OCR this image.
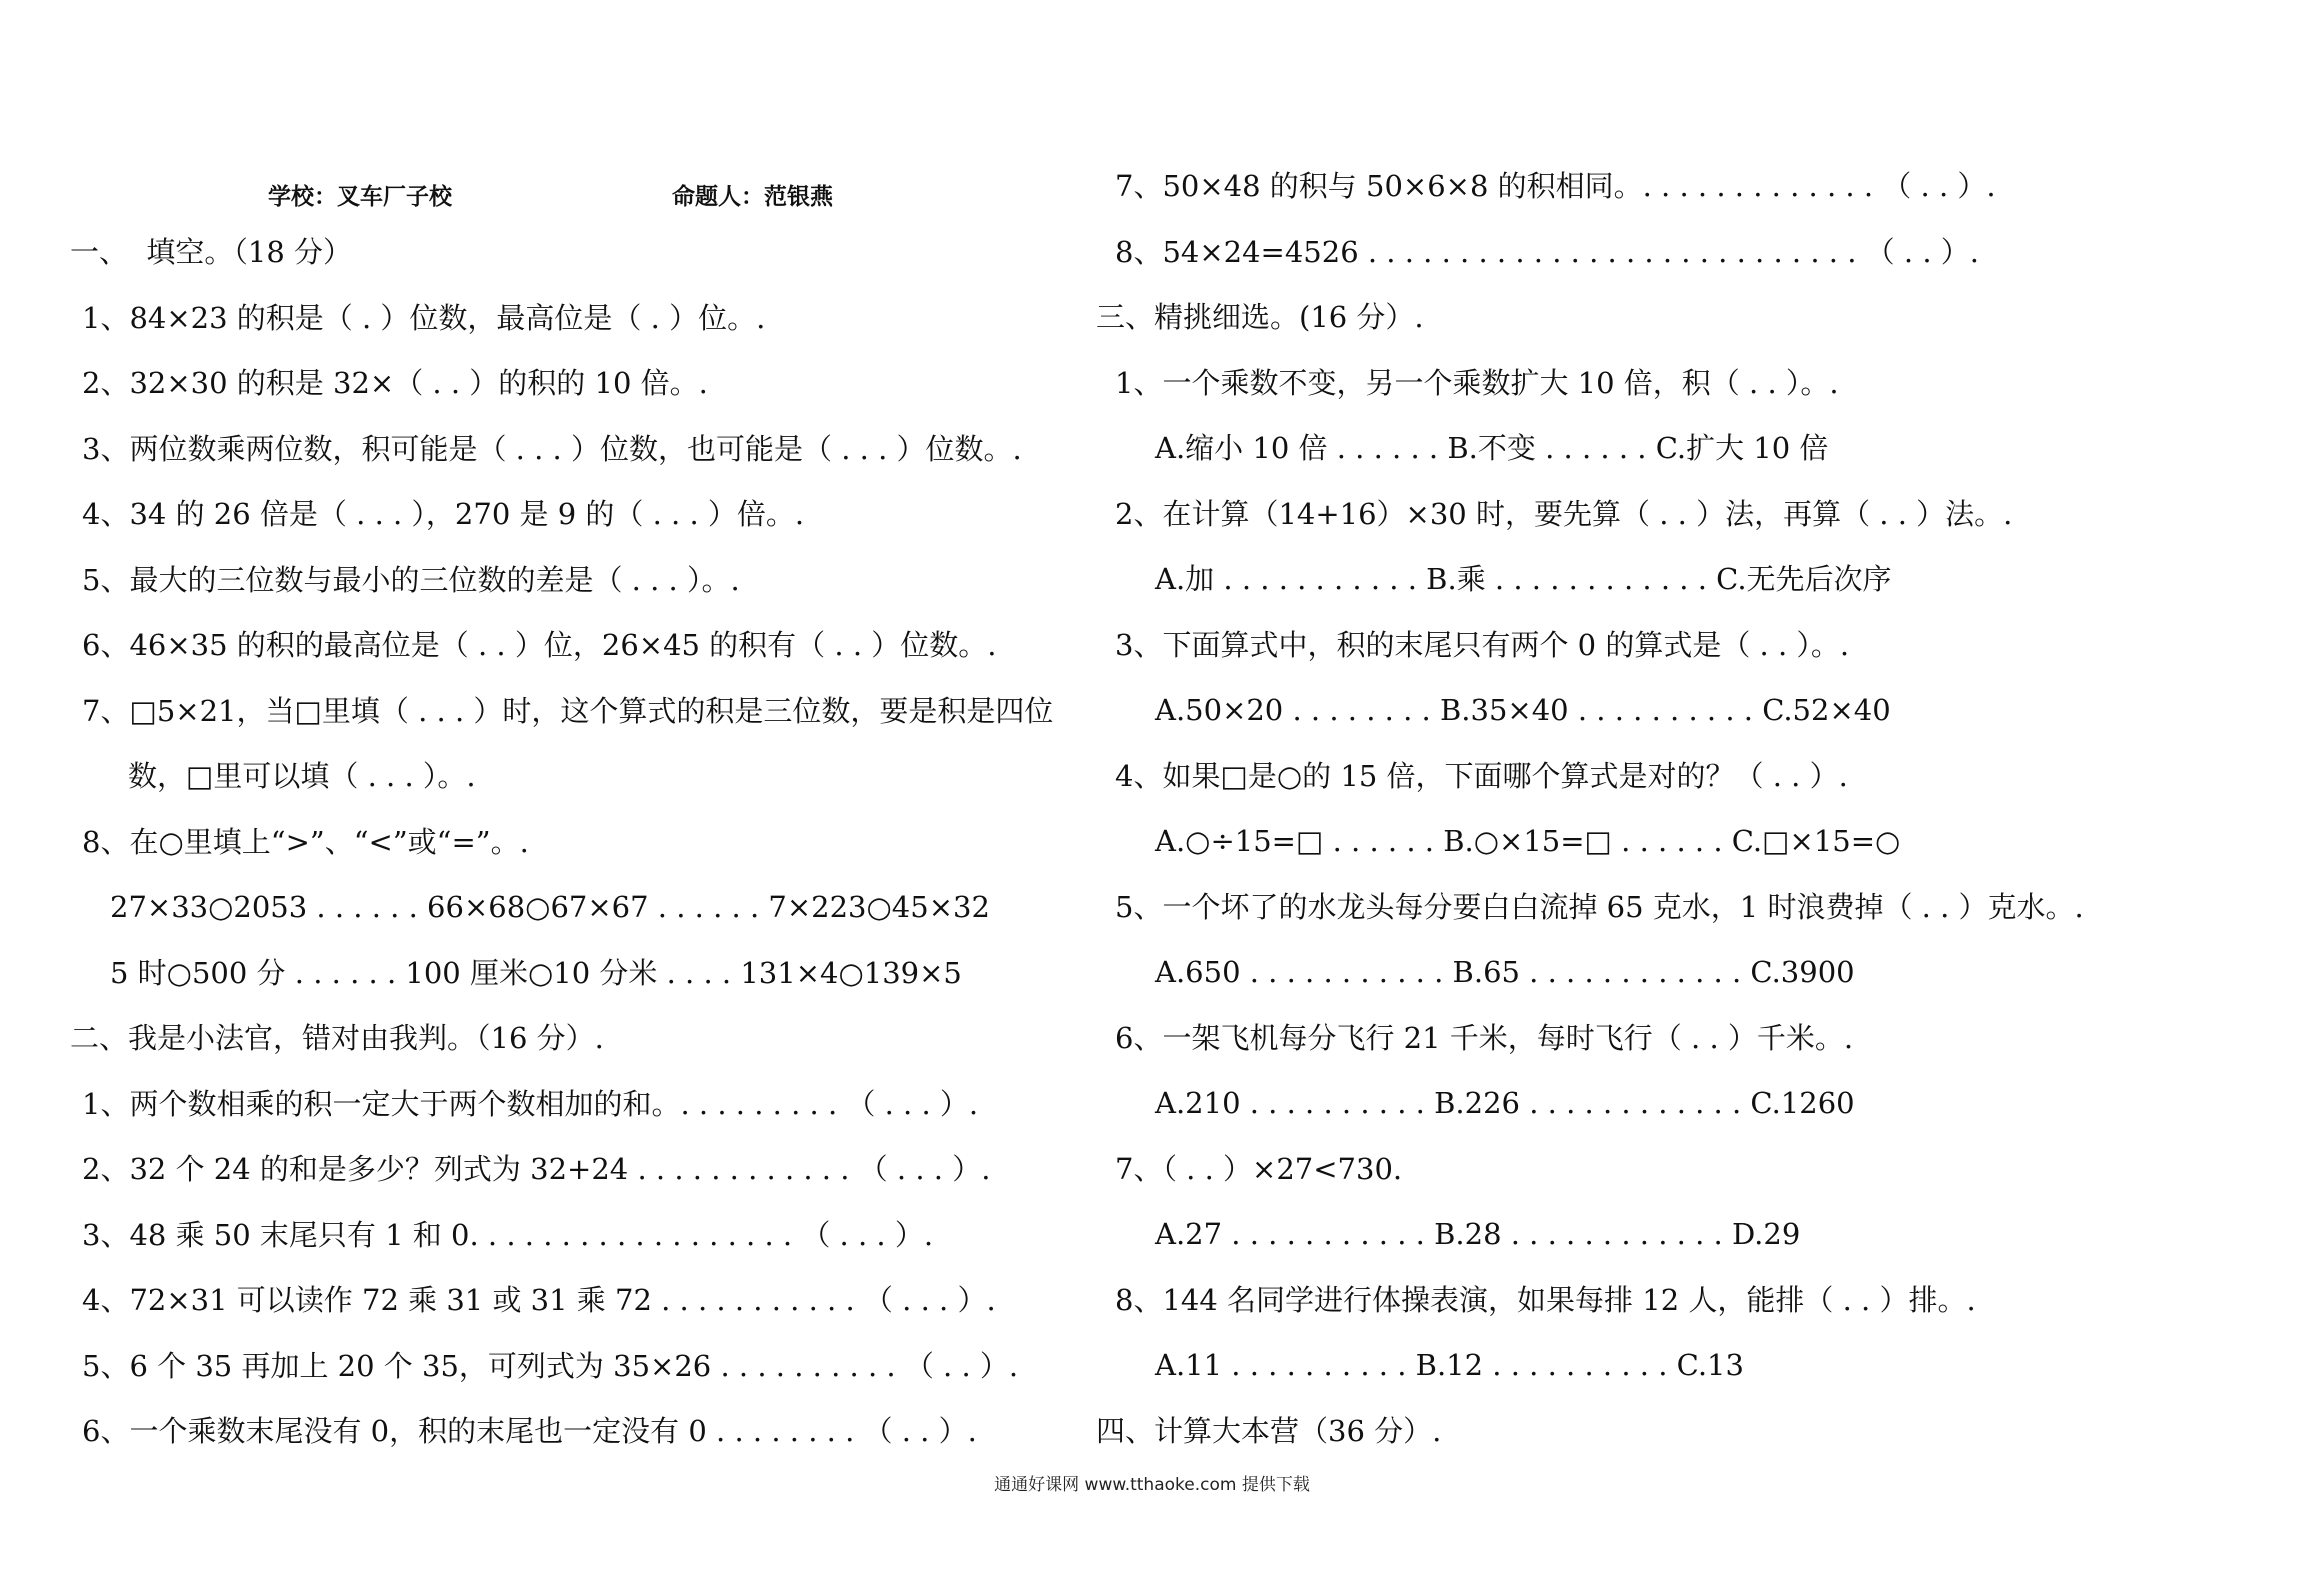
学校：叉车厂子校	命题人：范银燕
一、  填空。（18 分）
1、84×23 的积是（ . ）位数，最高位是（ . ）位。.
2、32×30 的积是 32×（ . . ）的积的 10 倍。.
3、两位数乘两位数，积可能是（ . . . ）位数，也可能是（ . . . ）位数。.
4、34 的 26 倍是（ . . . ），270 是 9 的（ . . . ）倍。.
5、最大的三位数与最小的三位数的差是（ . . . ）。.
6、46×35 的积的最高位是（ . . ）位，26×45 的积有（ . . ）位数。.
7、□5×21，当□里填（ . . . ）时，这个算式的积是三位数，要是积是四位
数，□里可以填（ . . . ）。.
8、在○里填上“>”、“<”或“=”。.
27×33○2053 . . . . . . 66×68○67×67 . . . . . . 7×223○45×32
5 时○500 分 . . . . . . 100 厘米○10 分米 . . . . 131×4○139×5
二、我是小法官，错对由我判。（16 分）.
1、两个数相乘的积一定大于两个数相加的和。. . . . . . . . . （ . . . ）.
2、32 个 24 的和是多少？列式为 32+24 . . . . . . . . . . . . （ . . . ）.
3、48 乘 50 末尾只有 1 和 0. . . . . . . . . . . . . . . . . . （ . . . ）.
4、72×31 可以读作 72 乘 31 或 31 乘 72 . . . . . . . . . . . （ . . . ）.
5、6 个 35 再加上 20 个 35，可列式为 35×26 . . . . . . . . . . （ . . ）.
6、一个乘数末尾没有 0，积的末尾也一定没有 0 . . . . . . . . （ . . ）.
7、50×48 的积与 50×6×8 的积相同。. . . . . . . . . . . . . （ . . ）.
8、54×24=4526 . . . . . . . . . . . . . . . . . . . . . . . . . . . （ . . ）.
三、精挑细选。(16 分）.
1、一个乘数不变，另一个乘数扩大 10 倍，积（ . . ）。.
A.缩小 10 倍 . . . . . . B.不变 . . . . . . C.扩大 10 倍
2、在计算（14+16）×30 时，要先算（ . . ）法，再算（ . . ）法。.
A.加 . . . . . . . . . . . B.乘 . . . . . . . . . . . . C.无先后次序
3、下面算式中，积的末尾只有两个 0 的算式是（ . . ）。.
A.50×20 . . . . . . . . B.35×40 . . . . . . . . . . C.52×40
4、如果□是○的 15 倍，下面哪个算式是对的？（ . . ）.
A.○÷15=□ . . . . . . B.○×15=□ . . . . . . C.□×15=○
5、一个坏了的水龙头每分要白白流掉 65 克水，1 时浪费掉（ . . ）克水。.
A.650 . . . . . . . . . . . B.65 . . . . . . . . . . . . C.3900
6、一架飞机每分飞行 21 千米，每时飞行（ . . ）千米。.
A.210 . . . . . . . . . . B.226 . . . . . . . . . . . . C.1260
7、（ . . ）×27<730.
A.27 . . . . . . . . . . . B.28 . . . . . . . . . . . . D.29
8、144 名同学进行体操表演，如果每排 12 人，能排（ . . ）排。.
A.11 . . . . . . . . . . B.12 . . . . . . . . . . C.13
四、计算大本营（36 分）.
通通好课网 www.tthaoke.com 提供下载
